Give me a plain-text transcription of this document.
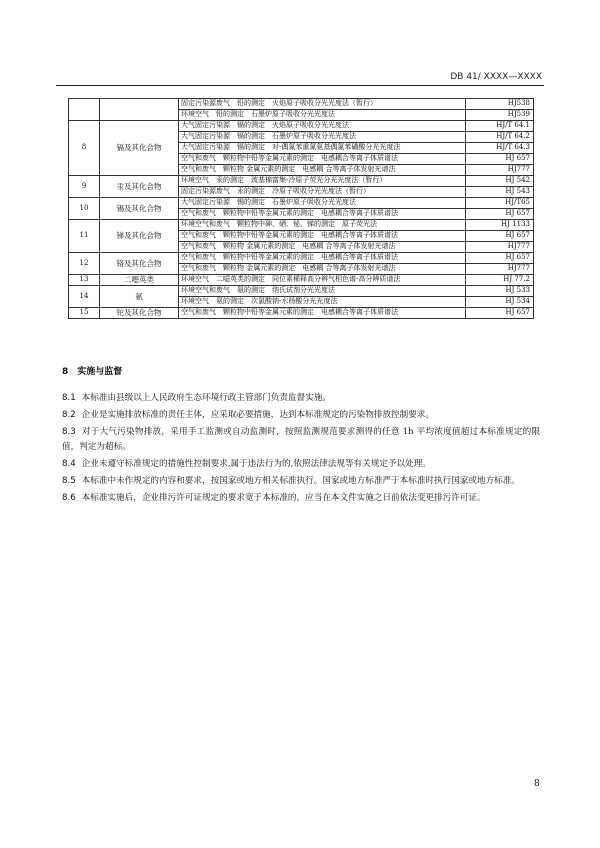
DB 41/ XXXX—XXXX
		固定污染源废气　铅的测定　火焰原子吸收分光光度法（暂行）	HJ538
		环境空气　铅的测定　石墨炉原子吸收分光光度法	HJ539
8	镉及其化合物	大气固定污染源　镉的测定　火焰原子吸收分光光度法	HJ/T 64.1
		大气固定污染源　镉的测定　石墨炉原子吸收分光光度法	HJ/T 64.2
		大气固定污染源　镉的测定　对-偶氮苯重氮氨基偶氮苯磺酸分光光度法	HJ/T 64.3
		空气和废气　颗粒物中铅等金属元素的测定　电感耦合等离子体质谱法	HJ 657
		空气和废气　颗粒物 金属元素的测定　电感耦 合等离子体发射光谱法	HJ777
9	汞及其化合物	环境空气　汞的测定　巯基棉富集-冷原子荧光分光光度法（暂行）	HJ 542
		固定污染源废气　汞的测定　冷原子吸收分光光度法（暂行）	HJ 543
10	锡及其化合物	大气固定污染源　锡的测定　石墨炉原子吸收分光光度法	HJ/T65
		空气和废气　颗粒物中铅等金属元素的测定　电感耦合等离子体质谱法	HJ 657
11	锑及其化合物	环境空气和废气　颗粒物中砷、硒、铋、锑的测定　原子荧光法	HJ 1133
		空气和废气　颗粒物中铅等金属元素的测定　电感耦合等离子体质谱法	HJ 657
		空气和废气　颗粒物 金属元素的测定　电感耦 合等离子体发射光谱法	HJ777
12	铬及其化合物	空气和废气　颗粒物中铅等金属元素的测定　电感耦合等离子体质谱法	HJ 657
		空气和废气　颗粒物 金属元素的测定　电感耦 合等离子体发射光谱法	HJ777
13	二噁英类	环境空气　二噁英类的测定　同位素稀释高分辨气相色谱-高分辨质谱法	HJ 77.2
14	氨	环境空气和废气　氨的测定　纳氏试剂分光光度法	HJ 533
		环境空气　氨的测定　次氯酸钠-水杨酸分光光度法	HJ 534
15	铊及其化合物	空气和废气　颗粒物中铅等金属元素的测定　电感耦合等离子体质谱法	HJ 657
8　实施与监督

8.1 本标准由县级以上人民政府生态环境行政主管部门负责监督实施。

8.2 企业是实施排放标准的责任主体，应采取必要措施，达到本标准规定的污染物排放控制要求。

8.3 对于大气污染物排放，采用手工监测或自动监测时，按照监测规范要求测得的任意 1h 平均浓度值超过本标准规定的限值，判定为超标。

8.4 企业未遵守标准规定的措施性控制要求,属于违法行为的,依照法律法规等有关规定予以处理。

8.5 本标准中未作规定的内容和要求，按国家或地方相关标准执行。国家或地方标准严于本标准时执行国家或地方标准。

8.6 本标准实施后，企业排污许可证规定的要求宽于本标准的，应当在本文件实施之日前依法变更排污许可证。

8
